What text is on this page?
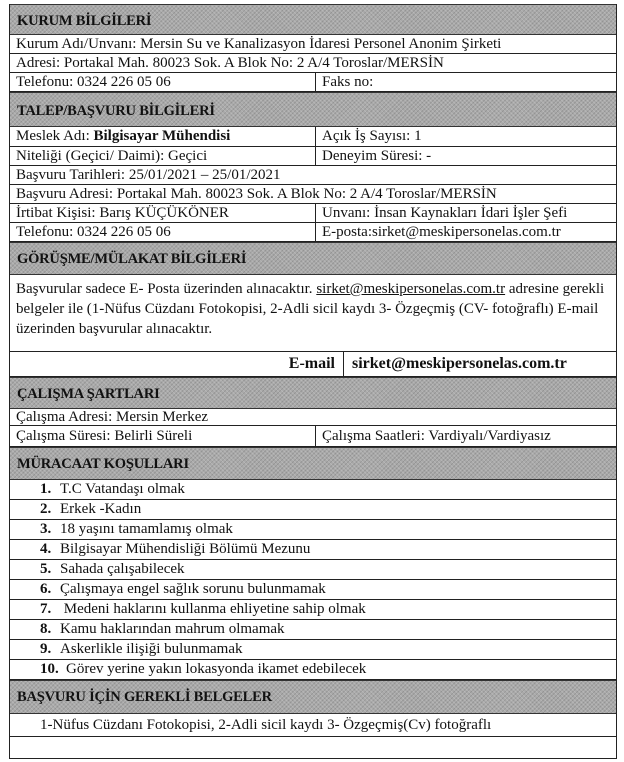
KURUM BİLGİLERİ
Kurum Adı/Unvanı: Mersin Su ve Kanalizasyon İdaresi Personel Anonim Şirketi
Adresi: Portakal Mah. 80023 Sok. A Blok No: 2 A/4 Toroslar/MERSİN
Telefonu: 0324 226 05 06	Faks no:
TALEP/BAŞVURU BİLGİLERİ
Meslek Adı: Bilgisayar Mühendisi	Açık İş Sayısı: 1
Niteliği (Geçici/ Daimi): Geçici	Deneyim Süresi: -
Başvuru Tarihleri: 25/01/2021 – 25/01/2021
Başvuru Adresi: Portakal Mah. 80023 Sok. A Blok No: 2 A/4 Toroslar/MERSİN
İrtibat Kişisi: Barış KÜÇÜKÖNER	Unvanı: İnsan Kaynakları İdari İşler Şefi
Telefonu: 0324 226 05 06	E-posta:sirket@meskipersonelas.com.tr
GÖRÜŞME/MÜLAKAT BİLGİLERİ
Başvurular sadece E- Posta üzerinden alınacaktır. sirket@meskipersonelas.com.tr adresine gerekli belgeler ile (1-Nüfus Cüzdanı Fotokopisi, 2-Adli sicil kaydı 3- Özgeçmiş (CV- fotoğraflı) E-mail üzerinden başvurular alınacaktır.
E-mail	sirket@meskipersonelas.com.tr
ÇALIŞMA ŞARTLARI
Çalışma Adresi: Mersin Merkez
Çalışma Süresi: Belirli Süreli	Çalışma Saatleri: Vardiyalı/Vardiyasız
MÜRACAAT KOŞULLARI
1. T.C Vatandaşı olmak
2. Erkek -Kadın
3. 18 yaşını tamamlamış olmak
4. Bilgisayar Mühendisliği Bölümü Mezunu
5. Sahada çalışabilecek
6. Çalışmaya engel sağlık sorunu bulunmamak
7. Medeni haklarını kullanma ehliyetine sahip olmak
8. Kamu haklarından mahrum olmamak
9. Askerlikle ilişiği bulunmamak
10. Görev yerine yakın lokasyonda ikamet edebilecek
BAŞVURU İÇİN GEREKLİ BELGELER
1-Nüfus Cüzdanı Fotokopisi, 2-Adli sicil kaydı 3- Özgeçmiş(Cv) fotoğraflı
